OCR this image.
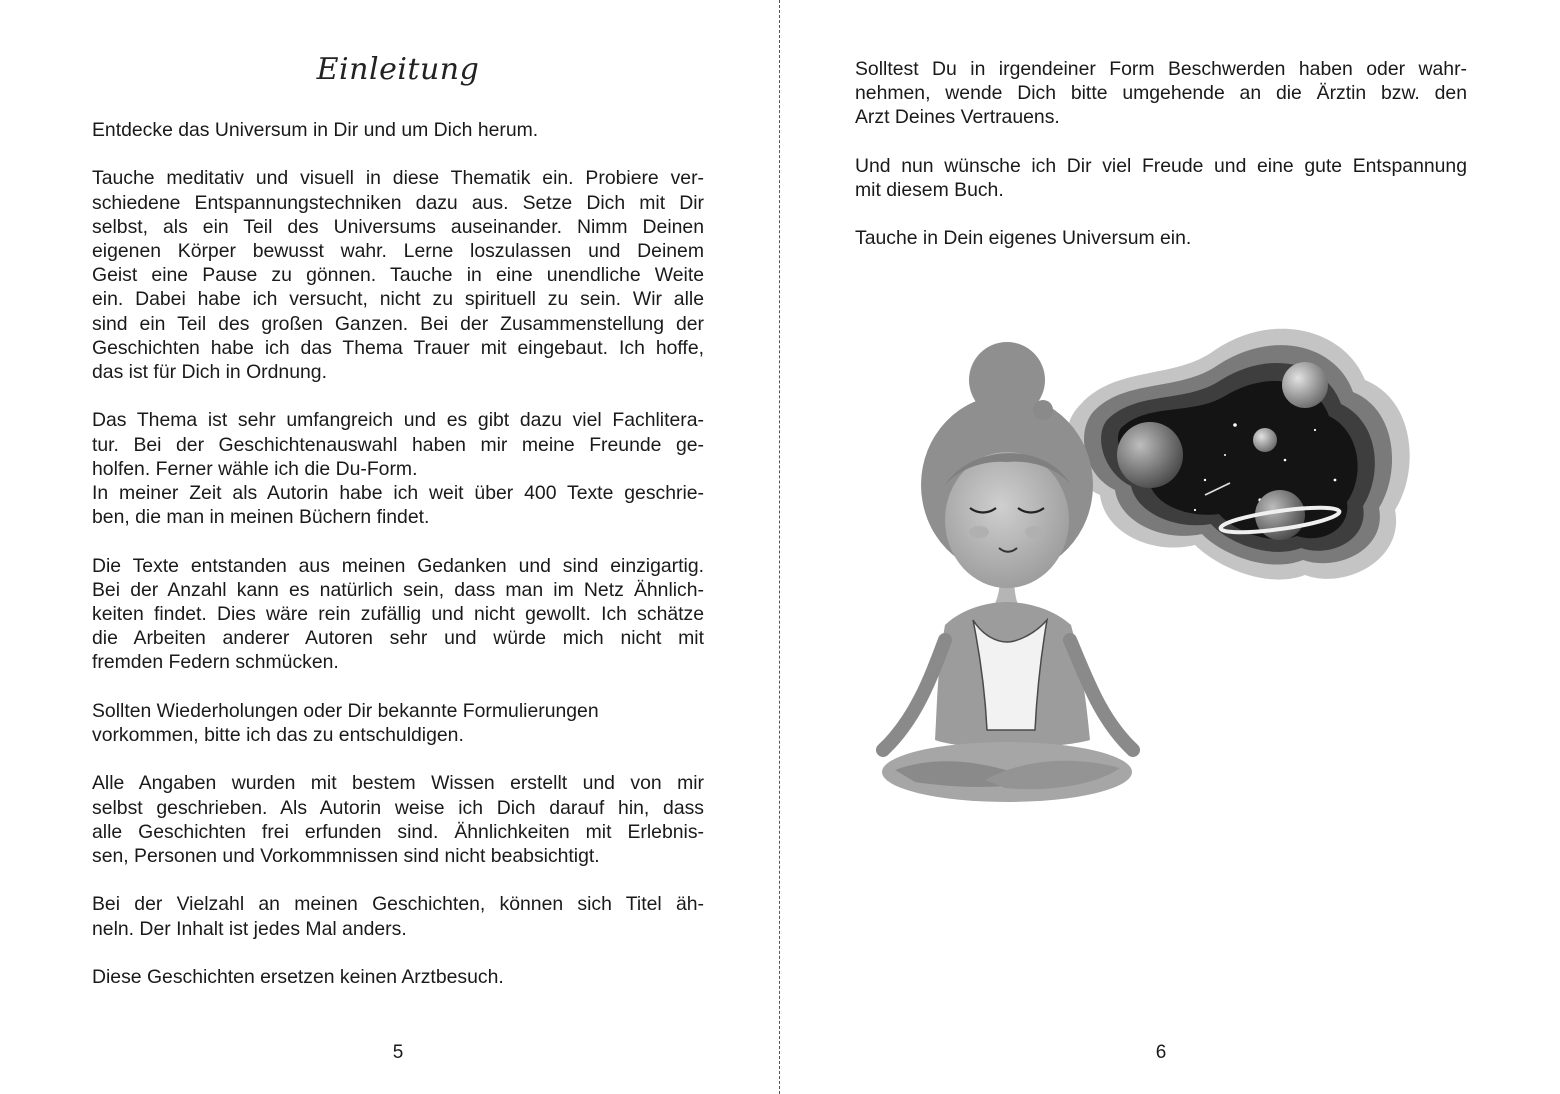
Einleitung

Entdecke das Universum in Dir und um Dich herum.

Tauche meditativ und visuell in diese Thematik ein. Probiere ver-
schiedene Entspannungstechniken dazu aus. Setze Dich mit Dir
selbst, als ein Teil des Universums auseinander. Nimm Deinen
eigenen Körper bewusst wahr. Lerne loszulassen und Deinem
Geist eine Pause zu gönnen. Tauche in eine unendliche Weite
ein. Dabei habe ich versucht, nicht zu spirituell zu sein. Wir alle
sind ein Teil des großen Ganzen. Bei der Zusammenstellung der
Geschichten habe ich das Thema Trauer mit eingebaut. Ich hoffe,
das ist für Dich in Ordnung.

Das Thema ist sehr umfangreich und es gibt dazu viel Fachlitera-
tur. Bei der Geschichtenauswahl haben mir meine Freunde ge-
holfen. Ferner wähle ich die Du-Form.
In meiner Zeit als Autorin habe ich weit über 400 Texte geschrie-
ben, die man in meinen Büchern findet.

Die Texte entstanden aus meinen Gedanken und sind einzigartig.
Bei der Anzahl kann es natürlich sein, dass man im Netz Ähnlich-
keiten findet. Dies wäre rein zufällig und nicht gewollt. Ich schätze
die Arbeiten anderer Autoren sehr und würde mich nicht mit
fremden Federn schmücken.

Sollten Wiederholungen oder Dir bekannte Formulierungen
vorkommen, bitte ich das zu entschuldigen.

Alle Angaben wurden mit bestem Wissen erstellt und von mir
selbst geschrieben. Als Autorin weise ich Dich darauf hin, dass
alle Geschichten frei erfunden sind. Ähnlichkeiten mit Erlebnis-
sen, Personen und Vorkommnissen sind nicht beabsichtigt.

Bei der Vielzahl an meinen Geschichten, können sich Titel äh-
neln. Der Inhalt ist jedes Mal anders.

Diese Geschichten ersetzen keinen Arztbesuch.

5

Solltest Du in irgendeiner Form Beschwerden haben oder wahr-
nehmen, wende Dich bitte umgehende an die Ärztin bzw. den
Arzt Deines Vertrauens.

Und nun wünsche ich Dir viel Freude und eine gute Entspannung
mit diesem Buch.

Tauche in Dein eigenes Universum ein.

6
